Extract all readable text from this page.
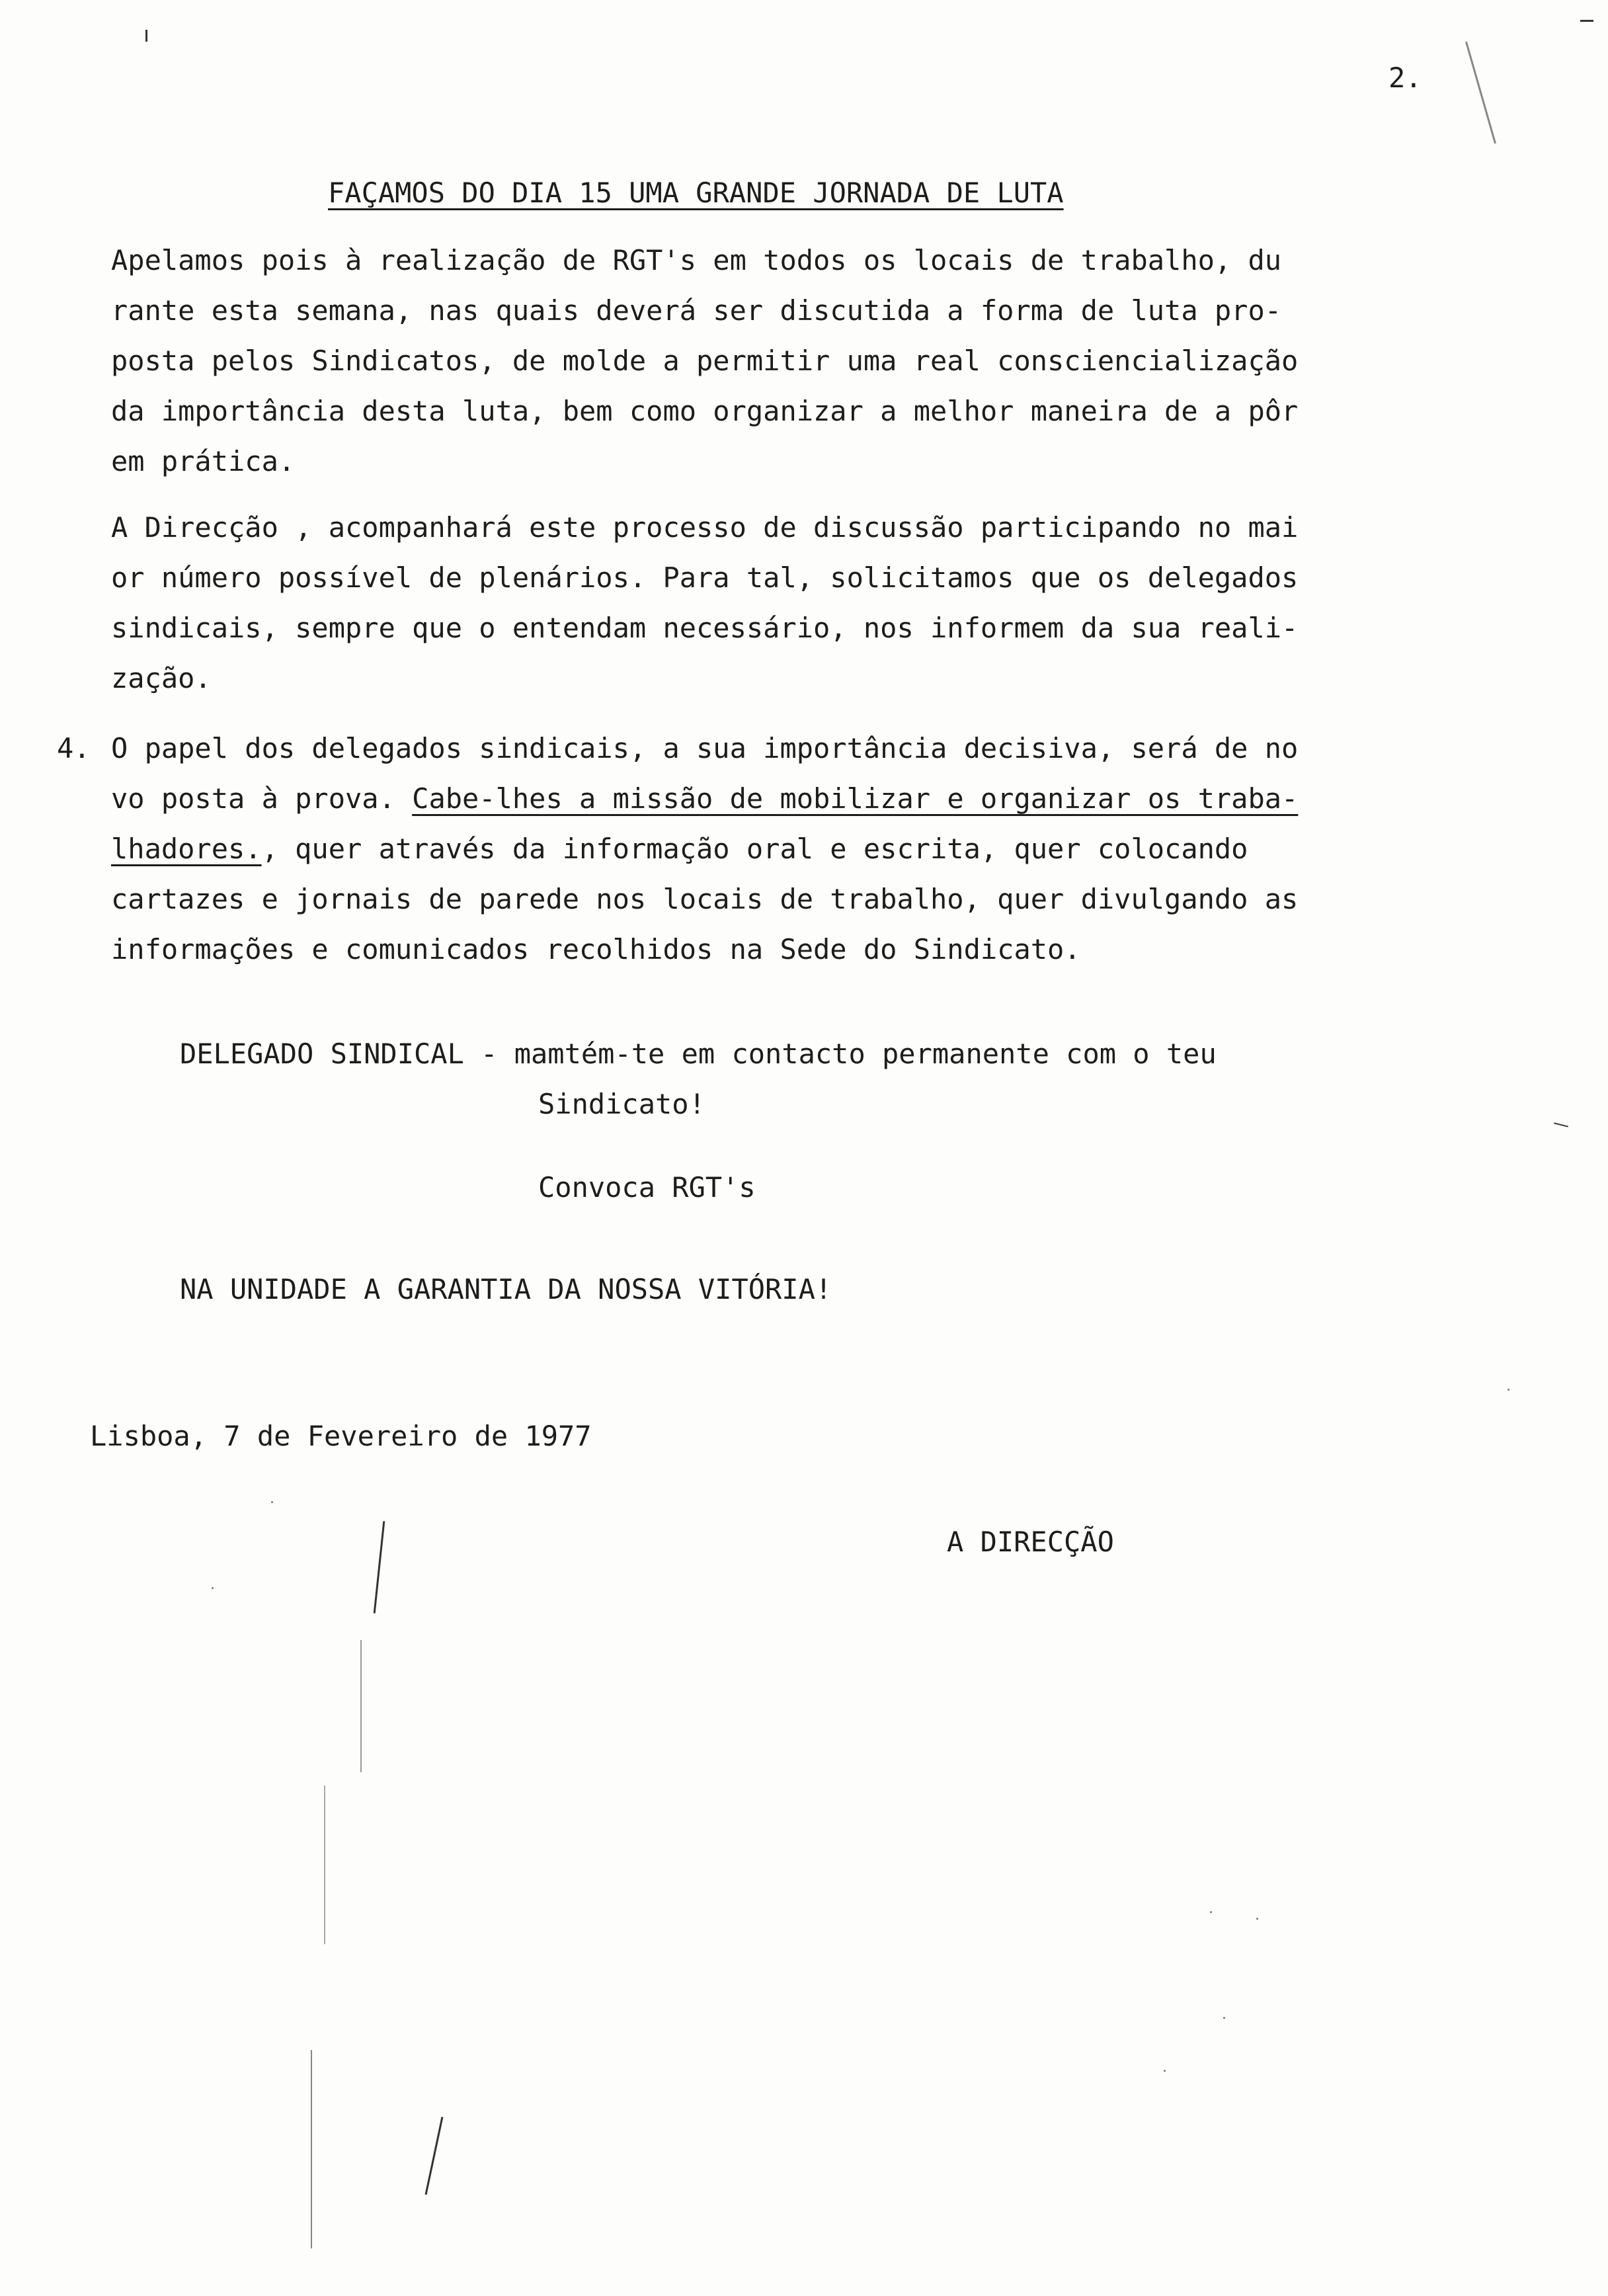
2.
FAÇAMOS DO DIA 15 UMA GRANDE JORNADA DE LUTA
Apelamos pois à realização de RGT's em todos os locais de trabalho, du
rante esta semana, nas quais deverá ser discutida a forma de luta pro-
posta pelos Sindicatos, de molde a permitir uma real consciencialização
da importância desta luta, bem como organizar a melhor maneira de a pôr
em prática.
A Direcção , acompanhará este processo de discussão participando no mai
or número possível de plenários. Para tal, solicitamos que os delegados
sindicais, sempre que o entendam necessário, nos informem da sua reali-
zação.
4. O papel dos delegados sindicais, a sua importância decisiva, será de no
vo posta à prova. Cabe-lhes a missão de mobilizar e organizar os traba-
lhadores., quer através da informação oral e escrita, quer colocando
cartazes e jornais de parede nos locais de trabalho, quer divulgando as
informações e comunicados recolhidos na Sede do Sindicato.
DELEGADO SINDICAL - mamtém-te em contacto permanente com o teu
Sindicato!
Convoca RGT's
NA UNIDADE A GARANTIA DA NOSSA VITÓRIA!
Lisboa, 7 de Fevereiro de 1977
A DIRECÇÃO
